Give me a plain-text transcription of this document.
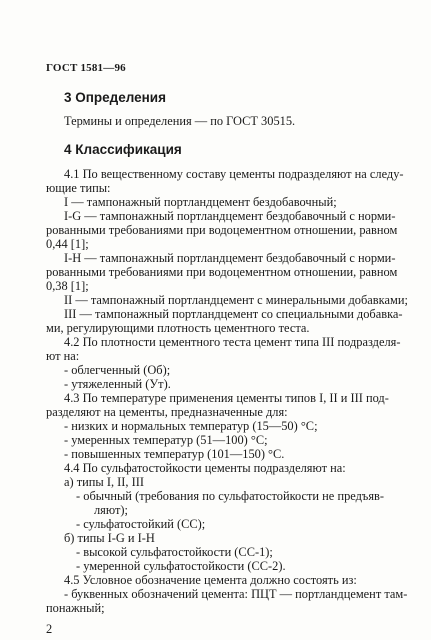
ГОСТ 1581—96
3 Определения
Термины и определения — по ГОСТ 30515.
4 Классификация
4.1 По вещественному составу цементы подразделяют на следу-
ющие типы:
I — тампонажный портландцемент бездобавочный;
I-G — тампонажный портландцемент бездобавочный с норми-
рованными требованиями при водоцементном отношении, равном
0,44 [1];
I-H — тампонажный портландцемент бездобавочный с норми-
рованными требованиями при водоцементном отношении, равном
0,38 [1];
II — тампонажный портландцемент с минеральными добавками;
III — тампонажный портландцемент со специальными добавка-
ми, регулирующими плотность цементного теста.
4.2 По плотности цементного теста цемент типа III подразделя-
ют на:
- облегченный (Об);
- утяжеленный (Ут).
4.3 По температуре применения цементы типов I, II и III под-
разделяют на цементы, предназначенные для:
- низких и нормальных температур (15—50) °С;
- умеренных температур (51—100) °С;
- повышенных температур (101—150) °С.
4.4 По сульфатостойкости цементы подразделяют на:
а) типы I, II, III
- обычный (требования по сульфатостойкости не предъяв-
ляют);
- сульфатостойкий (СС);
б) типы I-G и I-H
- высокой сульфатостойкости (СС-1);
- умеренной сульфатостойкости (СС-2).
4.5 Условное обозначение цемента должно состоять из:
2
- буквенных обозначений цемента: ПЦТ — портландцемент там-
понажный;
